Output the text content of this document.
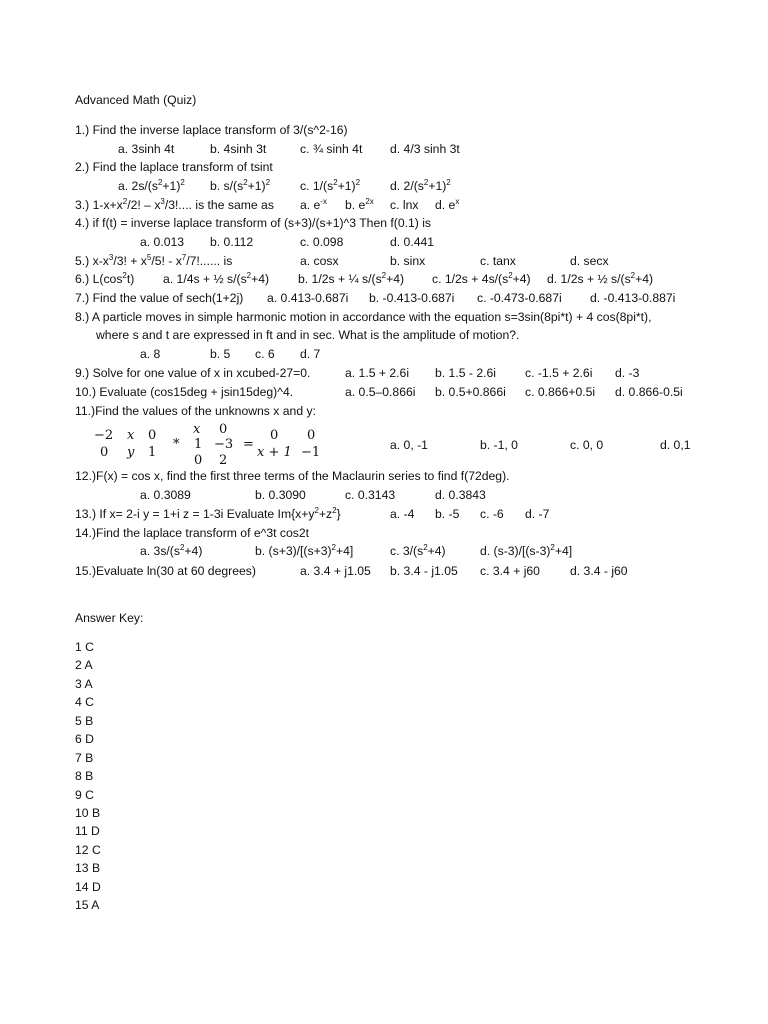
Advanced Math (Quiz)
1.) Find the inverse laplace transform of 3/(s^2-16)
a. 3sinh 4t	b. 4sinh 3t	c. ¾ sinh 4t d. 4/3 sinh 3t
2.) Find the laplace transform of tsint
a. $2s/(s^2+1)^2$ b. $s/(s^2+1)^2$ c. $1/(s^2+1)^2$ d. $2/(s^2+1)^2$
3.) $1-x+x^2/2$! – $x^3/3$!.... is the same as a. $e^{-x}$ b. $e^{2x}$ c. lnx d. $e^x$
4.) if f(t) = inverse laplace transform of (s+3)/(s+1)^3 Then f(0.1) is
a. 0.013 b. 0.112	c. 0.098	d. 0.441
5.) $x-x^3/3$! + $x^5/5$! - $x^7/7$!...... is	a. cosx	b. sinx	c. tanx	d. secx
6.) $L(\cos^2t)$ a. 1/4s + ½ $s/(s^2+4)$ b. 1/2s + ¼ $s/(s^2+4)$ c. $1/2s + 4s/(s^2+4)$ d. 1/2s + ½ $s/(s^2+4)$
7.) Find the value of sech(1+2j) a. 0.413-0.687i b. -0.413-0.687i c. -0.473-0.687i d. -0.413-0.887i
8.) A particle moves in simple harmonic motion in accordance with the equation s=3sin(8pi*t) + 4 cos(8pi*t),
where s and t are expressed in ft and in sec. What is the amplitude of motion?.
a. 8	b. 5 c. 6 d. 7
9.) Solve for one value of x in xcubed-27=0.	a. 1.5 + 2.6i b. 1.5 - 2.6i c. -1.5 + 2.6i d. -3
10.) Evaluate (cos15deg + jsin15deg)^4.	a. 0.5–0.866i b. 0.5+0.866i c. 0.866+0.5i d. 0.866-0.5i
11.)Find the values of the unknowns x and y:
−2 x 0
0 y 1
*
x 0
1 −3
0 2
=
0 0
x + 1 −1	a. 0, -1	b. -1, 0	c. 0, 0	d. 0,1
12.)F(x) = cos x, find the first three terms of the Maclaurin series to find f(72deg).
a. 0.3089	b. 0.3090	c. 0.3143	d. 0.3843
13.) If x= 2-i y = 1+i z = 1-3i Evaluate $Im\{x+y^2+z^2\}$	a. -4 b. -5 c. -6 d. -7
14.)Find the laplace transform of e^3t cos2t
a. $3s/(s^2+4)$	b. $(s+3)/[(s+3)^2+4]$	c. $3/(s^2+4)$	d. $(s-3)/[(s-3)^2+4]$
15.)Evaluate ln(30 at 60 degrees)	a. 3.4 + j1.05 b. 3.4 - j1.05 c. 3.4 + j60 d. 3.4 - j60
Answer Key:
1 C
2 A
3 A
4 C
5 B
6 D
7 B
8 B
9 C
10 B
11 D
12 C
13 B
14 D
15 A
